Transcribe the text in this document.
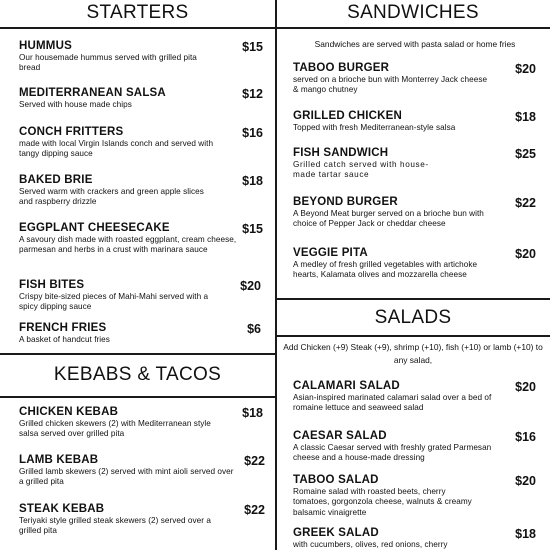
STARTERS	SANDWICHES
KEBABS & TACOS
SALADS
Sandwiches are served with pasta salad or home fries
Add Chicken (+9) Steak (+9), shrimp (+10), fish (+10) or lamb (+10) to any salad,
HUMMUS	$15
Our housemade hummus served with grilled pita bread
MEDITERRANEAN SALSA	$12
Served with house made chips
CONCH FRITTERS	$16
made with local Virgin Islands conch and served with tangy dipping sauce
BAKED BRIE	$18
Served warm with crackers and green apple slices and raspberry drizzle
EGGPLANT CHEESECAKE	$15
A savoury dish made with roasted eggplant, cream cheese, parmesan and herbs in a crust with marinara sauce
FISH BITES	$20
Crispy bite-sized pieces of Mahi-Mahi served with a spicy dipping sauce
FRENCH FRIES	$6
A basket of handcut fries
CHICKEN KEBAB	$18
Grilled chicken skewers (2) with Mediterranean style salsa served over grilled pita
LAMB KEBAB	$22
Grilled lamb skewers (2) served with mint aioli served over a grilled pita
STEAK KEBAB	$22
Teriyaki style grilled steak skewers (2) served over a grilled pita
TABOO BURGER	$20
served on a brioche bun with Monterrey Jack cheese & mango chutney
GRILLED CHICKEN	$18
Topped with fresh Mediterranean-style salsa
FISH SANDWICH	$25
Grilled catch served with house-made tartar sauce
BEYOND BURGER	$22
A Beyond Meat burger served on a brioche bun with choice of Pepper Jack or cheddar cheese
VEGGIE PITA	$20
A medley of fresh grilled vegetables with artichoke hearts, Kalamata olives and mozzarella cheese
CALAMARI SALAD	$20
Asian-inspired marinated calamari salad over a bed of romaine lettuce and seaweed salad
CAESAR SALAD	$16
A classic Caesar served with freshly grated Parmesan cheese and a house-made dressing
TABOO SALAD	$20
Romaine salad with roasted beets, cherry tomatoes, gorgonzola cheese, walnuts & creamy balsamic vinaigrette
GREEK SALAD	$18
with cucumbers, olives, red onions, cherry
